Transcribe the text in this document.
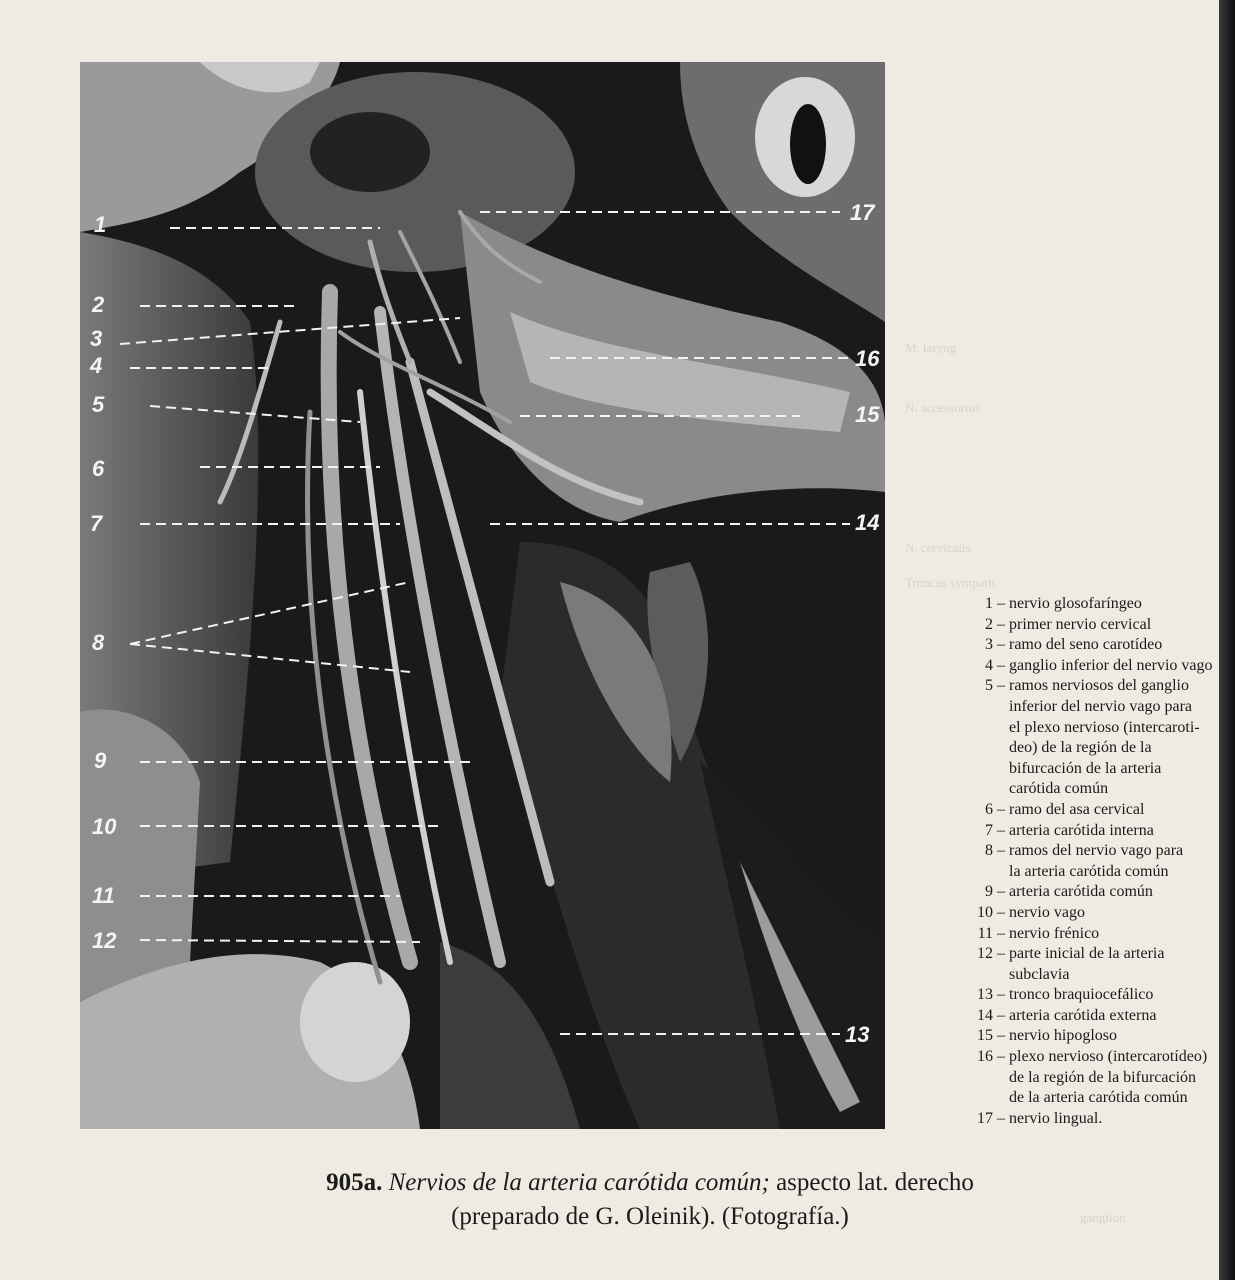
M. laryng
N. accessorius
N. cervicalis
Truncus sympath.
ganglion
1
2
3
4
5
6
7
8
9
10
11
12
13
14
15
16
17
1 – nervio glosofaríngeo
2 – primer nervio cervical
3 – ramo del seno carotídeo
4 – ganglio inferior del nervio vago
5 – ramos nerviosos del ganglio
inferior del nervio vago para
el plexo nervioso (intercaroti-
deo) de la región de la
bifurcación de la arteria
carótida común
6 – ramo del asa cervical
7 – arteria carótida interna
8 – ramos del nervio vago para
la arteria carótida común
9 – arteria carótida común
10 – nervio vago
11 – nervio frénico
12 – parte inicial de la arteria
subclavia
13 – tronco braquiocefálico
14 – arteria carótida externa
15 – nervio hipogloso
16 – plexo nervioso (intercarotídeo)
de la región de la bifurcación
de la arteria carótida común
17 – nervio lingual.
905a. Nervios de la arteria carótida común; aspecto lat. derecho
(preparado de G. Oleinik). (Fotografía.)
